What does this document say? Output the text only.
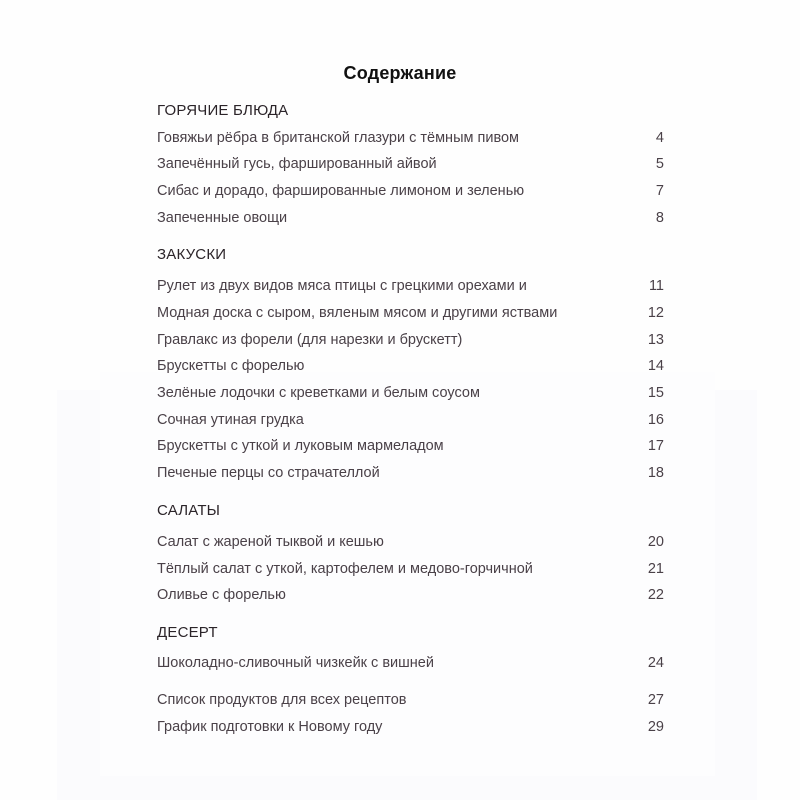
Содержание
ГОРЯЧИЕ БЛЮДА
Говяжьи рёбра в британской глазури с тёмным пивом	4
Запечённый гусь, фаршированный айвой	5
Сибас и дорадо, фаршированные лимоном и зеленью	7
Запеченные овощи	8
ЗАКУСКИ
Рулет из двух видов мяса птицы с грецкими орехами и	11
Модная доска с сыром, вяленым мясом и другими яствами	12
Гравлакс из форели (для нарезки и брускетт)	13
Брускетты с форелью	14
Зелёные лодочки с креветками и белым соусом	15
Сочная утиная грудка	16
Брускетты с уткой и луковым мармеладом	17
Печеные перцы со страчателлой	18
САЛАТЫ
Салат с жареной тыквой и кешью	20
Тёплый салат с уткой, картофелем и медово-горчичной	21
Оливье с форелью	22
ДЕСЕРТ
Шоколадно-сливочный чизкейк с вишней	24
Список продуктов для всех рецептов	27
График подготовки к Новому году	29
